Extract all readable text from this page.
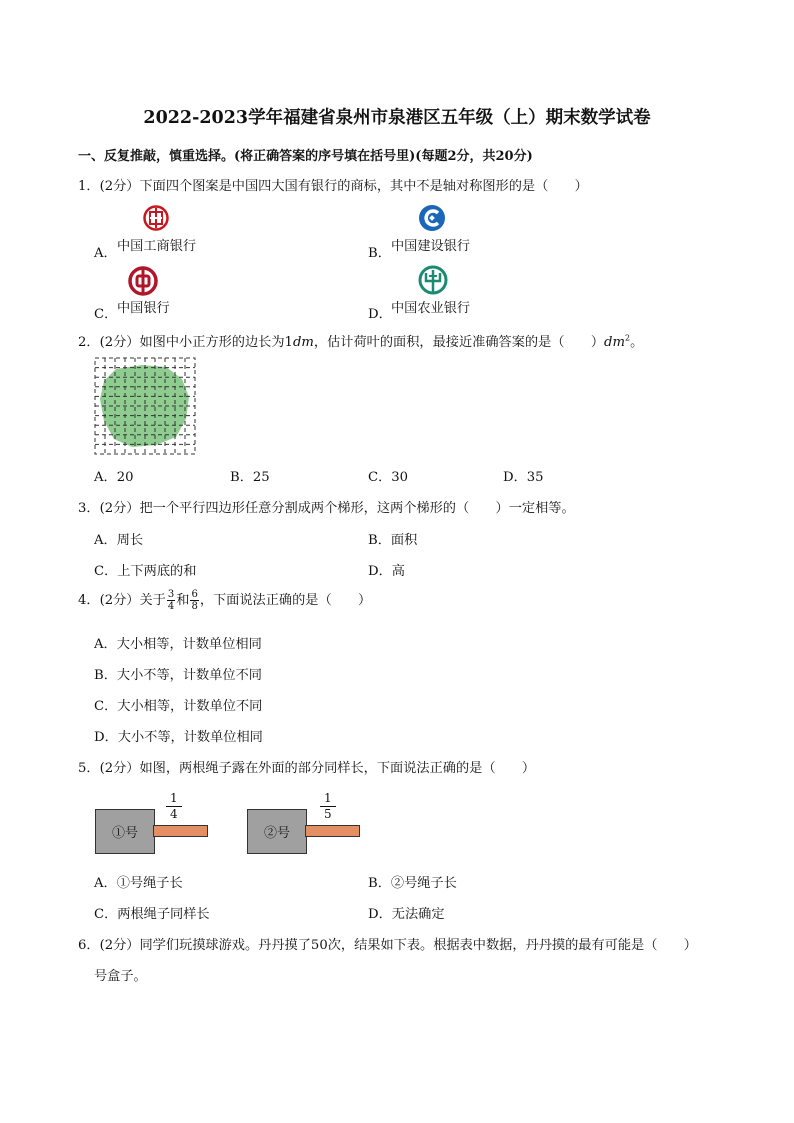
2022-2023学年福建省泉州市泉港区五年级（上）期末数学试卷
一、反复推敲，慎重选择。(将正确答案的序号填在括号里)(每题2分，共20分)
1．(2分）下面四个图案是中国四大国有银行的商标，其中不是轴对称图形的是（　　）
A． 中国工商银行	B． 中国建设银行
C． 中国银行	D． 中国农业银行
2．(2分）如图中小正方形的边长为1dm，估计荷叶的面积，最接近准确答案的是（　　）$dm^2$。
A．20	B．25	C．30	D．35
3．(2分）把一个平行四边形任意分割成两个梯形，这两个梯形的（　　）一定相等。
A．周长	B．面积
C．上下两底的和	D．高
4．(2分）关于 $\frac{3}{4}$ 和 $\frac{6}{8}$ ，下面说法正确的是（　　）
A．大小相等，计数单位相同
B．大小不等，计数单位不同
C．大小相等，计数单位不同
D．大小不等，计数单位相同
5．(2分）如图，两根绳子露在外面的部分同样长，下面说法正确的是（　　）
①号
$\frac{1}{4}$
②号
$\frac{1}{5}$
A．①号绳子长	B．②号绳子长
C．两根绳子同样长	D．无法确定
6．(2分）同学们玩摸球游戏。丹丹摸了50次，结果如下表。根据表中数据，丹丹摸的最有可能是（　　）
号盒子。
